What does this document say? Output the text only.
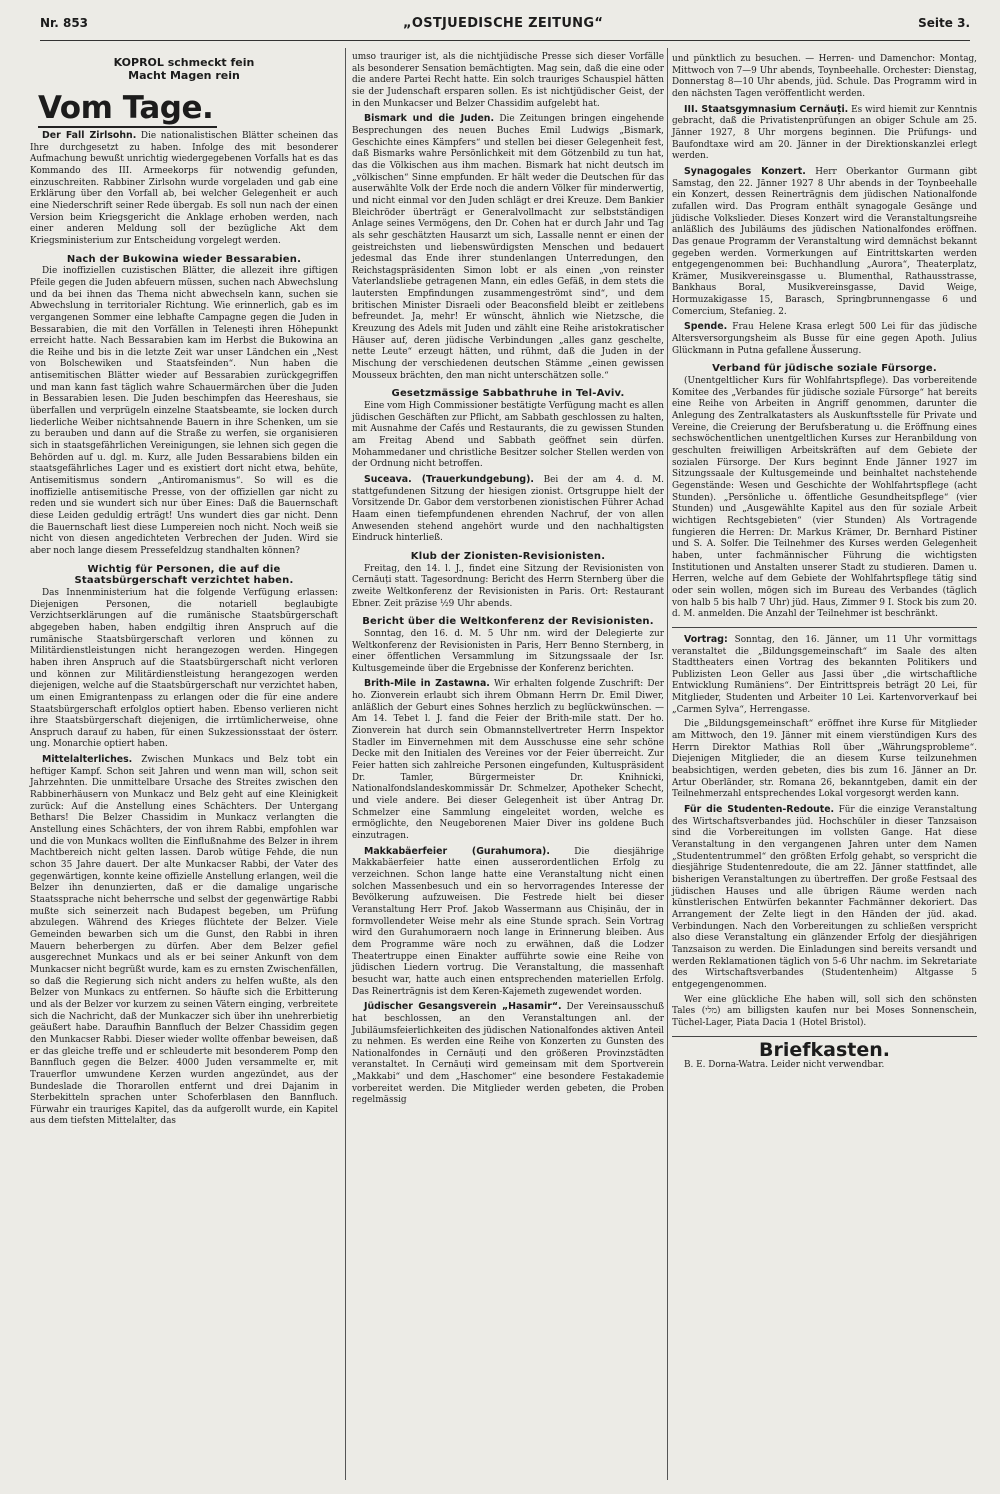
Nr. 853	„OSTJUEDISCHE ZEITUNG“	Seite 3.
KOPROL schmeckt fein
Macht Magen rein
Vom Tage.

Der Fall Zirlsohn. Die nationalistischen Blätter scheinen das Ihre durchgesetzt zu haben. Infolge des mit besonderer Aufmachung bewußt unrichtig wiedergegebenen Vorfalls hat es das Kommando des III. Armeekorps für notwendig gefunden, einzuschreiten. Rabbiner Zirlsohn wurde vorgeladen und gab eine Erklärung über den Vorfall ab, bei welcher Gelegenheit er auch eine Niederschrift seiner Rede übergab. Es soll nun nach der einen Version beim Kriegsgericht die Anklage erhoben werden, nach einer anderen Meldung soll der bezügliche Akt dem Kriegsministerium zur Entscheidung vorgelegt werden.

Nach der Bukowina wieder Bessarabien.

Die inoffiziellen cuzistischen Blätter, die allezeit ihre giftigen Pfeile gegen die Juden abfeuern müssen, suchen nach Abwechslung und da bei ihnen das Thema nicht abwechseln kann, suchen sie Abwechslung in territorialer Richtung. Wie erinnerlich, gab es im vergangenen Sommer eine lebhafte Campagne gegen die Juden in Bessarabien, die mit den Vorfällen in Telenești ihren Höhepunkt erreicht hatte. Nach Bessarabien kam im Herbst die Bukowina an die Reihe und bis in die letzte Zeit war unser Ländchen ein „Nest von Bolschewiken und Staatsfeinden“. Nun haben die antisemitischen Blätter wieder auf Bessarabien zurückgegriffen und man kann fast täglich wahre Schauermärchen über die Juden in Bessarabien lesen. Die Juden beschimpfen das Heereshaus, sie überfallen und verprügeln einzelne Staatsbeamte, sie locken durch liederliche Weiber nichtsahnende Bauern in ihre Schenken, um sie zu berauben und dann auf die Straße zu werfen, sie organisieren sich in staatsgefährlichen Vereinigungen, sie lehnen sich gegen die Behörden auf u. dgl. m. Kurz, alle Juden Bessarabiens bilden ein staatsgefährliches Lager und es existiert dort nicht etwa, behüte, Antisemitismus sondern „Antiromanismus“. So will es die inoffizielle antisemitische Presse, von der offiziellen gar nicht zu reden und sie wundert sich nur über Eines: Daß die Bauernschaft diese Leiden geduldig erträgt! Uns wundert dies gar nicht. Denn die Bauernschaft liest diese Lumpereien noch nicht. Noch weiß sie nicht von diesen angedichteten Verbrechen der Juden. Wird sie aber noch lange diesem Pressefeldzug standhalten können?

Wichtig für Personen, die auf die Staatsbürgerschaft verzichtet haben.

Das Innenministerium hat die folgende Verfügung erlassen: Diejenigen Personen, die notariell beglaubigte Verzichtserklärungen auf die rumänische Staatsbürgerschaft abgegeben haben, haben endgiltig ihren Anspruch auf die rumänische Staatsbürgerschaft verloren und können zu Militärdienstleistungen nicht herangezogen werden. Hingegen haben ihren Anspruch auf die Staatsbürgerschaft nicht verloren und können zur Militärdienstleistung herangezogen werden diejenigen, welche auf die Staatsbürgerschaft nur verzichtet haben, um einen Emigrantenpass zu erlangen oder die für eine andere Staatsbürgerschaft erfolglos optiert haben. Ebenso verlieren nicht ihre Staatsbürgerschaft diejenigen, die irrtümlicherweise, ohne Anspruch darauf zu haben, für einen Sukzessionsstaat der österr. ung. Monarchie optiert haben.

Mittelalterliches. Zwischen Munkacs und Belz tobt ein heftiger Kampf. Schon seit Jahren und wenn man will, schon seit Jahrzehnten. Die unmittelbare Ursache des Streites zwischen den Rabbinerhäusern von Munkacz und Belz geht auf eine Kleinigkeit zurück: Auf die Anstellung eines Schächters. Der Untergang Bethars! Die Belzer Chassidim in Munkacz verlangten die Anstellung eines Schächters, der von ihrem Rabbi, empfohlen war und die von Munkacs wollten die Einflußnahme des Belzer in ihrem Machtbereich nicht gelten lassen. Darob wütige Fehde, die nun schon 35 Jahre dauert. Der alte Munkacser Rabbi, der Vater des gegenwärtigen, konnte keine offizielle Anstellung erlangen, weil die Belzer ihn denunzierten, daß er die damalige ungarische Staatssprache nicht beherrsche und selbst der gegenwärtige Rabbi mußte sich seinerzeit nach Budapest begeben, um Prüfung abzulegen. Während des Krieges flüchtete der Belzer. Viele Gemeinden bewarben sich um die Gunst, den Rabbi in ihren Mauern beherbergen zu dürfen. Aber dem Belzer gefiel ausgerechnet Munkacs und als er bei seiner Ankunft von dem Munkacser nicht begrüßt wurde, kam es zu ernsten Zwischenfällen, so daß die Regierung sich nicht anders zu helfen wußte, als den Belzer von Munkacs zu entfernen. So häufte sich die Erbitterung und als der Belzer vor kurzem zu seinen Vätern einging, verbreitete sich die Nachricht, daß der Munkaczer sich über ihn unehrerbietig geäußert habe. Daraufhin Bannfluch der Belzer Chassidim gegen den Munkacser Rabbi. Dieser wieder wollte offenbar beweisen, daß er das gleiche treffe und er schleuderte mit besonderem Pomp den Bannfluch gegen die Belzer. 4000 Juden versammelte er, mit Trauerflor umwundene Kerzen wurden angezündet, aus der Bundeslade die Thorarollen entfernt und drei Dajanim in Sterbekitteln sprachen unter Schoferblasen den Bannfluch. Fürwahr ein trauriges Kapitel, das da aufgerollt wurde, ein Kapitel aus dem tiefsten Mittelalter, das

umso trauriger ist, als die nichtjüdische Presse sich dieser Vorfälle als besonderer Sensation bemächtigten. Mag sein, daß die eine oder die andere Partei Recht hatte. Ein solch trauriges Schauspiel hätten sie der Judenschaft ersparen sollen. Es ist nichtjüdischer Geist, der in den Munkacser und Belzer Chassidim aufgelebt hat.

Bismark und die Juden. Die Zeitungen bringen eingehende Besprechungen des neuen Buches Emil Ludwigs „Bismark, Geschichte eines Kämpfers“ und stellen bei dieser Gelegenheit fest, daß Bismarks wahre Persönlichkeit mit dem Götzenbild zu tun hat, das die Völkischen aus ihm machen. Bismark hat nicht deutsch im „völkischen“ Sinne empfunden. Er hält weder die Deutschen für das auserwählte Volk der Erde noch die andern Völker für minderwertig, und nicht einmal vor den Juden schlägt er drei Kreuze. Dem Bankier Bleichröder überträgt er Generalvollmacht zur selbstständigen Anlage seines Vermögens, den Dr. Cohen hat er durch Jahr und Tag als sehr geschätzten Hausarzt um sich, Lassalle nennt er einen der geistreichsten und liebenswürdigsten Menschen und bedauert jedesmal das Ende ihrer stundenlangen Unterredungen, den Reichstagspräsidenten Simon lobt er als einen „von reinster Vaterlandsliebe getragenen Mann, ein edles Gefäß, in dem stets die lautersten Empfindungen zusammengeströmt sind“, und dem britischen Minister Disraeli oder Beaconsfield bleibt er zeitlebens befreundet. Ja, mehr! Er wünscht, ähnlich wie Nietzsche, die Kreuzung des Adels mit Juden und zählt eine Reihe aristokratischer Häuser auf, deren jüdische Verbindungen „alles ganz geschelte, nette Leute“ erzeugt hätten, und rühmt, daß die Juden in der Mischung der verschiedenen deutschen Stämme „einen gewissen Mousseux brächten, den man nicht unterschätzen solle.“

Gesetzmässige Sabbathruhe in Tel-Aviv.

Eine vom High Commissioner bestätigte Verfügung macht es allen jüdischen Geschäften zur Pflicht, am Sabbath geschlossen zu halten, mit Ausnahme der Cafés und Restaurants, die zu gewissen Stunden am Freitag Abend und Sabbath geöffnet sein dürfen. Mohammedaner und christliche Besitzer solcher Stellen werden von der Ordnung nicht betroffen.

Suceava. (Trauerkundgebung). Bei der am 4. d. M. stattgefundenen Sitzung der hiesigen zionist. Ortsgruppe hielt der Vorsitzende Dr. Gabor dem verstorbenen zionistischen Führer Achad Haam einen tiefempfundenen ehrenden Nachruf, der von allen Anwesenden stehend angehört wurde und den nachhaltigsten Eindruck hinterließ.

Klub der Zionisten-Revisionisten.

Freitag, den 14. l. J., findet eine Sitzung der Revisionisten von Cernăuți statt. Tagesordnung: Bericht des Herrn Sternberg über die zweite Weltkonferenz der Revisionisten in Paris. Ort: Restaurant Ebner. Zeit präzise ½9 Uhr abends.

Bericht über die Weltkonferenz der Revisionisten.

Sonntag, den 16. d. M. 5 Uhr nm. wird der Delegierte zur Weltkonferenz der Revisionisten in Paris, Herr Benno Sternberg, in einer öffentlichen Versammlung im Sitzungssaale der Isr. Kultusgemeinde über die Ergebnisse der Konferenz berichten.

Brith-Mile in Zastawna. Wir erhalten folgende Zuschrift: Der ho. Zionverein erlaubt sich ihrem Obmann Herrn Dr. Emil Diwer, anläßlich der Geburt eines Sohnes herzlich zu beglückwünschen. — Am 14. Tebet l. J. fand die Feier der Brith-mile statt. Der ho. Zionverein hat durch sein Obmannstellvertreter Herrn Inspektor Stadler im Einvernehmen mit dem Ausschusse eine sehr schöne Decke mit den Initialen des Vereines vor der Feier überreicht. Zur Feier hatten sich zahlreiche Personen eingefunden, Kultuspräsident Dr. Tamler, Bürgermeister Dr. Knihnicki, Nationalfondslandeskommissär Dr. Schmelzer, Apotheker Schecht, und viele andere. Bei dieser Gelegenheit ist über Antrag Dr. Schmelzer eine Sammlung eingeleitet worden, welche es ermöglichte, den Neugeborenen Maier Diver ins goldene Buch einzutragen.

Makkabäerfeier (Gurahumora).	Die diesjährige Makkabäerfeier hatte einen ausserordentlichen Erfolg zu verzeichnen. Schon lange hatte eine Veranstaltung nicht einen solchen Massenbesuch und ein so hervorragendes Interesse der Bevölkerung aufzuweisen. Die Festrede hielt bei dieser Veranstaltung Herr Prof. Jakob Wassermann aus Chișinău, der in formvollendeter Weise mehr als eine Stunde sprach. Sein Vortrag wird den Gurahumoraern noch lange in Erinnerung bleiben. Aus dem Programme wäre noch zu erwähnen, daß die Lodzer Theatertruppe einen Einakter aufführte sowie eine Reihe von jüdischen Liedern vortrug. Die Veranstaltung, die massenhaft besucht war, hatte auch einen entsprechenden materiellen Erfolg. Das Reinerträgnis ist dem Keren-Kajemeth zugewendet worden.

Jüdischer Gesangsverein „Hasamir“. Der Vereinsausschuß hat beschlossen, an den Veranstaltungen anl. der Jubiläumsfeierlichkeiten des jüdischen Nationalfondes aktiven Anteil zu nehmen. Es werden eine Reihe von Konzerten zu Gunsten des Nationalfondes in Cernăuți und den größeren Provinzstädten veranstaltet. In Cernăuți wird gemeinsam mit dem Sportverein „Makkabi“ und dem „Haschomer“ eine besondere Festakademie vorbereitet werden. Die Mitglieder werden gebeten, die Proben regelmässig

und pünktlich zu besuchen. — Herren- und Damenchor: Montag, Mittwoch von 7—9 Uhr abends, Toynbeehalle. Orchester: Dienstag, Donnerstag 8—10 Uhr abends, jüd. Schule. Das Programm wird in den nächsten Tagen veröffentlicht werden.

III. Staatsgymnasium Cernăuți. Es wird hiemit zur Kenntnis gebracht, daß die Privatistenprüfungen an obiger Schule am 25. Jänner 1927, 8 Uhr morgens beginnen. Die Prüfungs- und Baufondtaxe wird am 20. Jänner in der Direktionskanzlei erlegt werden.

Synagogales Konzert. Herr Oberkantor Gurmann gibt Samstag, den 22. Jänner 1927 8 Uhr abends in der Toynbeehalle ein Konzert, dessen Reinerträgnis dem jüdischen Nationalfonde zufallen wird. Das Program enthält synagogale Gesänge und jüdische Volkslieder. Dieses Konzert wird die Veranstaltungsreihe anläßlich des Jubiläums des jüdischen Nationalfondes eröffnen. Das genaue Programm der Veranstaltung wird demnächst bekannt gegeben werden. Vormerkungen auf Eintrittskarten werden entgegengenommen bei: Buchhandlung „Aurora“, Theaterplatz, Krämer, Musikvereinsgasse u. Blumenthal, Rathausstrasse, Bankhaus Boral, Musikvereinsgasse, David Weige, Hormuzakigasse 15, Barasch, Springbrunnengasse 6 und Comercium, Stefanieg. 2.

Spende. Frau Helene Krasa erlegt 500 Lei für das jüdische Altersversorgungsheim als Busse für eine gegen Apoth. Julius Glückmann in Putna gefallene Äusserung.

Verband für jüdische soziale Fürsorge.

(Unentgeltlicher Kurs für Wohlfahrtspflege). Das vorbereitende Komitee des „Verbandes für jüdische soziale Fürsorge“ hat bereits eine Reihe von Arbeiten in Angriff genommen, darunter die Anlegung des Zentralkatasters als Auskunftsstelle für Private und Vereine, die Creierung der Berufsberatung u. die Eröffnung eines sechswöchentlichen unentgeltlichen Kurses zur Heranbildung von geschulten freiwilligen Arbeitskräften auf dem Gebiete der sozialen Fürsorge. Der Kurs beginnt Ende Jänner 1927 im Sitzungssaale der Kultusgemeinde und beinhaltet nachstehende Gegenstände: Wesen und Geschichte der Wohlfahrtspflege (acht Stunden). „Persönliche u. öffentliche Gesundheitspflege“ (vier Stunden) und „Ausgewählte Kapitel aus den für soziale Arbeit wichtigen Rechtsgebieten“ (vier Stunden) Als Vortragende fungieren die Herren: Dr. Markus Krämer, Dr. Bernhard Pistiner und S. A. Solfer. Die Teilnehmer des Kurses werden Gelegenheit haben, unter fachmännischer Führung die wichtigsten Institutionen und Anstalten unserer Stadt zu studieren. Damen u. Herren, welche auf dem Gebiete der Wohlfahrtspflege tätig sind oder sein wollen, mögen sich im Bureau des Verbandes (täglich von halb 5 bis halb 7 Uhr) jüd. Haus, Zimmer 9 I. Stock bis zum 20. d. M. anmelden. Die Anzahl der Teilnehmer ist beschränkt.

Vortrag: Sonntag, den 16. Jänner, um 11 Uhr vormittags veranstaltet die „Bildungsgemeinschaft“ im Saale des alten Stadttheaters einen Vortrag des bekannten Politikers und Publizisten Leon Geller aus Jassi über „die wirtschaftliche Entwicklung Rumäniens“. Der Eintrittspreis beträgt 20 Lei, für Mitglieder, Studenten und Arbeiter 10 Lei. Kartenvorverkauf bei „Carmen Sylva“, Herrengasse.

Die „Bildungsgemeinschaft“ eröffnet ihre Kurse für Mitglieder am Mittwoch, den 19. Jänner mit einem vierstündigen Kurs des Herrn Direktor Mathias Roll über „Währungsprobleme“. Diejenigen Mitglieder, die an diesem Kurse teilzunehmen beabsichtigen, werden gebeten, dies bis zum 16. Jänner an Dr. Artur Oberländer, str. Romana 26, bekanntgeben, damit ein der Teilnehmerzahl entsprechendes Lokal vorgesorgt werden kann.

Für die Studenten-Redoute. Für die einzige Veranstaltung des Wirtschaftsverbandes jüd. Hochschüler in dieser Tanzsaison sind die Vorbereitungen im vollsten Gange. Hat diese Veranstaltung in den vergangenen Jahren unter dem Namen „Studententrummel“ den größten Erfolg gehabt, so verspricht die diesjährige Studentenredoute, die am 22. Jänner stattfindet, alle bisherigen Veranstaltungen zu übertreffen. Der große Festsaal des jüdischen Hauses und alle übrigen Räume werden nach künstlerischen Entwürfen bekannter Fachmänner dekoriert. Das Arrangement der Zelte liegt in den Händen der jüd. akad. Verbindungen. Nach den Vorbereitungen zu schließen verspricht also diese Veranstaltung ein glänzender Erfolg der diesjährigen Tanzsaison zu werden. Die Einladungen sind bereits versandt und werden Reklamationen täglich von 5-6 Uhr nachm. im Sekretariate des Wirtschaftsverbandes (Studentenheim) Altgasse 5 entgegengenommen.

Wer eine glückliche Ehe haben will, soll sich den schönsten Tales (מלי) am billigsten kaufen nur bei Moses Sonnenschein, Tüchel-Lager, Piata Dacia 1 (Hotel Bristol).

Briefkasten.

B. E. Dorna-Watra. Leider nicht verwendbar.
